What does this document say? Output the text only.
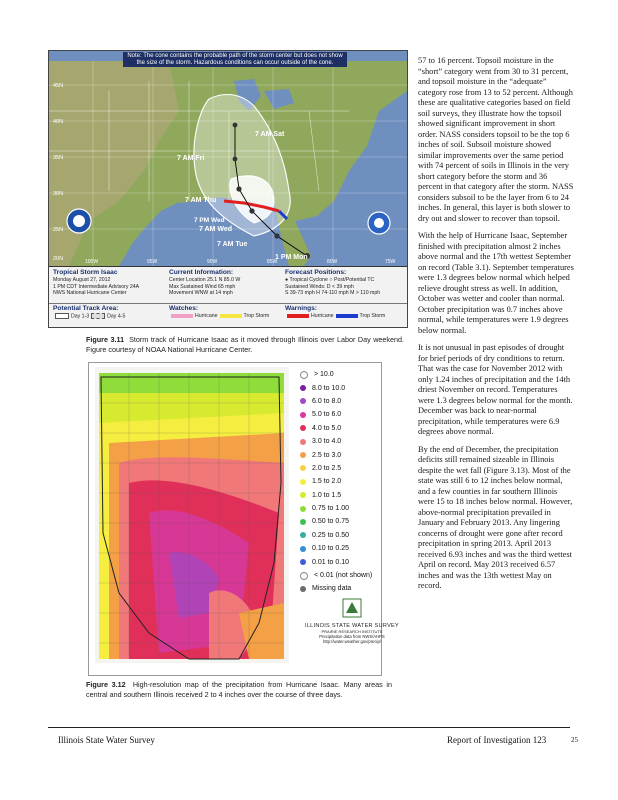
Note: The cone contains the probable path of the storm center but does not show the size of the storm. Hazardous conditions can occur outside of the cone.
45N
40N
35N
30N
25N
20N	100W	95W	90W	85W	80W	75W
7 AM Sat
7 AM Fri
7 AM Thu
7 PM Wed
7 AM Wed
7 AM Tue
1 PM Mon
Tropical Storm Isaac
Monday August 27, 2012
1 PM CDT Intermediate Advisory 24A
NWS National Hurricane Center
Current Information:
Center Location 25.1 N 85.0 W
Max Sustained Wind 65 mph
Movement WNW at 14 mph
Forecast Positions:
● Tropical Cyclone ○ Post/Potential TC
Sustained Winds: D < 39 mph
S 39-73 mph H 74-110 mph M > 110 mph
Potential Track Area:
Day 1-3	Day 4-5
Watches:
Hurricane	Trop Storm
Warnings:
Hurricane	Trop Storm
Figure 3.11 Storm track of Hurricane Isaac as it moved through Illinois over Labor Day weekend. Figure courtesy of NOAA National Hurricane Center.
> 10.0
8.0 to 10.0
6.0 to 8.0
5.0 to 6.0
4.0 to 5.0
3.0 to 4.0
2.5 to 3.0
2.0 to 2.5
1.5 to 2.0
1.0 to 1.5
0.75 to 1.00
0.50 to 0.75
0.25 to 0.50
0.10 to 0.25
0.01 to 0.10
< 0.01 (not shown)
Missing data
ILLINOIS STATE WATER SURVEY
PRAIRIE RESEARCH INSTITUTE
Precipitation data from NWS/AHPS
http://water.weather.gov/precip/
Figure 3.12 High-resolution map of the precipitation from Hurricane Isaac. Many areas in central and southern Illinois received 2 to 4 inches over the course of three days.

57 to 16 percent. Topsoil moisture in the “short” category went from 30 to 31 percent, and topsoil moisture in the “adequate” category rose from 13 to 52 percent. Although these are qualitative categories based on field soil surveys, they illustrate how the topsoil showed significant improvement in short order. NASS considers topsoil to be the top 6 inches of soil. Subsoil moisture showed similar improvements over the same period with 74 percent of soils in Illinois in the very short category before the storm and 36 percent in that category after the storm. NASS considers subsoil to be the layer from 6 to 24 inches. In general, this layer is both slower to dry out and slower to recover than topsoil.

With the help of Hurricane Isaac, September finished with precipitation almost 2 inches above normal and the 17th wettest September on record (Table 3.1). September temperatures were 1.3 degrees below normal which helped relieve drought stress as well. In addition, October was wetter and cooler than normal. October precipitation was 0.7 inches above normal, while temperatures were 1.9 degrees below normal.

It is not unusual in past episodes of drought for brief periods of dry conditions to return. That was the case for November 2012 with only 1.24 inches of precipitation and the 14th driest November on record. Temperatures were 1.3 degrees below normal for the month. December was back to near-normal precipitation, while temperatures were 6.9 degrees above normal.

By the end of December, the precipitation deficits still remained sizeable in Illinois despite the wet fall (Figure 3.13). Most of the state was still 6 to 12 inches below normal, and a few counties in far southern Illinois were 15 to 18 inches below normal. However, above-normal precipitation prevailed in January and February 2013. Any lingering concerns of drought were gone after record precipitation in spring 2013. April 2013 received 6.93 inches and was the third wettest April on record. May 2013 received 6.57 inches and was the 13th wettest May on record.

Illinois State Water Survey	Report of Investigation 123	25
